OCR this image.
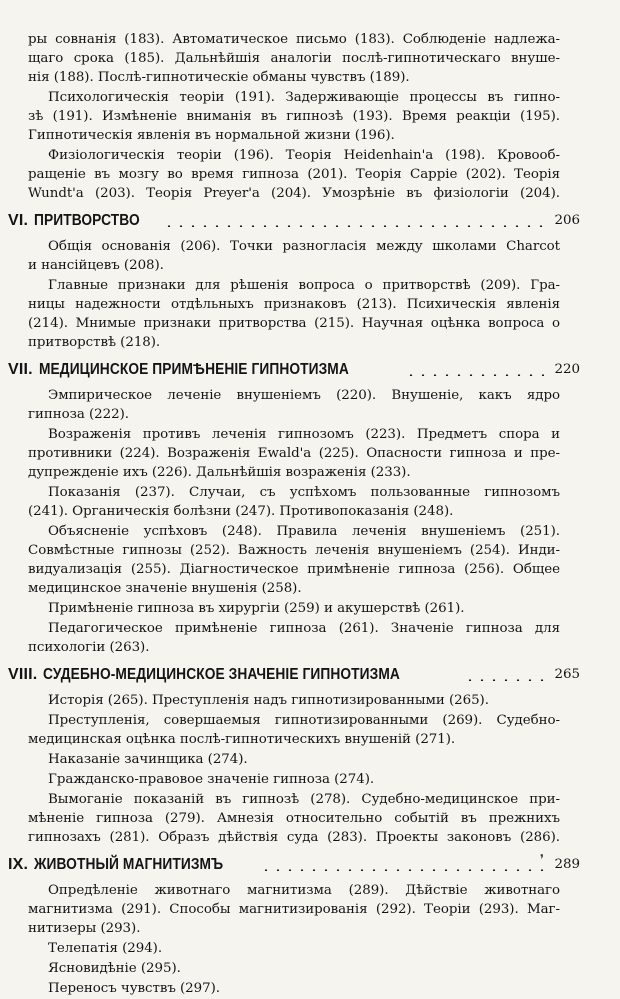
ры совнанія (183). Автоматическое письмо (183). Соблюденіе надлежа-
щаго срока (185). Дальнѣйшія аналогіи послѣ-гипнотическаго внуше-
нія (188). Послѣ-гипнотическіе обманы чувствъ (189).
Психологическія теоріи (191). Задерживающіе процессы въ гипно-
зѣ (191). Измѣненіе вниманія въ гипнозѣ (193). Время реакціи (195).
Гипнотическія явленія въ нормальной жизни (196).
Физіологическія теоріи (196). Теорія Heidenhain'а (198). Кровооб-
ращеніе въ мозгу во время гипноза (201). Теорія Cappie (202). Теорія
Wundt'а (203). Теорія Preyer'а (204). Умозрѣніе въ физіологіи (204).
VI. ПРИТВОРСТВО	206
Общія основанія (206). Точки разногласія между школами Charcot
и нансійцевъ (208).
Главные признаки для рѣшенія вопроса о притворствѣ (209). Гра-
ницы надежности отдѣльныхъ признаковъ (213). Психическія явленія
(214). Мнимые признаки притворства (215). Научная оцѣнка вопроса о
притворствѣ (218).
VII. МЕДИЦИНСКОЕ ПРИМѢНЕНІЕ ГИПНОТИЗМА	220
Эмпирическое леченіе внушеніемъ (220). Внушеніе, какъ ядро
гипноза (222).
Возраженія противъ леченія гипнозомъ (223). Предметъ спора и
противники (224). Возраженія Ewald'а (225). Опасности гипноза и пре-
дупрежденіе ихъ (226). Дальнѣйшія возраженія (233).
Показанія (237). Случаи, съ успѣхомъ пользованные гипнозомъ
(241). Органическія болѣзни (247). Противопоказанія (248).
Объясненіе успѣховъ (248). Правила леченія внушеніемъ (251).
Совмѣстные гипнозы (252). Важность леченія внушеніемъ (254). Инди-
видуализація (255). Діагностическое примѣненіе гипноза (256). Общее
медицинское значеніе внушенія (258).
Примѣненіе гипноза въ хирургіи (259) и акушерствѣ (261).
Педагогическое примѣненіе гипноза (261). Значеніе гипноза для
психологіи (263).
VIII. СУДЕБНО-МЕДИЦИНСКОЕ ЗНАЧЕНІЕ ГИПНОТИЗМА	265
Исторія (265). Преступленія надъ гипнотизированными (265).
Преступленія, совершаемыя гипнотизированными (269). Судебно-
медицинская оцѣнка послѣ-гипнотическихъ внушеній (271).
Наказаніе зачинщика (274).
Гражданско-правовое значеніе гипноза (274).
Вымоганіе показаній въ гипнозѣ (278). Судебно-медицинское при-
мѣненіе гипноза (279). Амнезія относительно событій въ прежнихъ
гипнозахъ (281). Образъ дѣйствія суда (283). Проекты законовъ (286).
IX. ЖИВОТНЫЙ МАГНИТИЗМЪ	289
Опредѣленіе животнаго магнитизма (289). Дѣйствіе животнаго
магнитизма (291). Способы магнитизированія (292). Теоріи (293). Маг-
нитизеры (293).
Телепатія (294).
Ясновидѣніе (295).
Переносъ чувствъ (297).
❜
